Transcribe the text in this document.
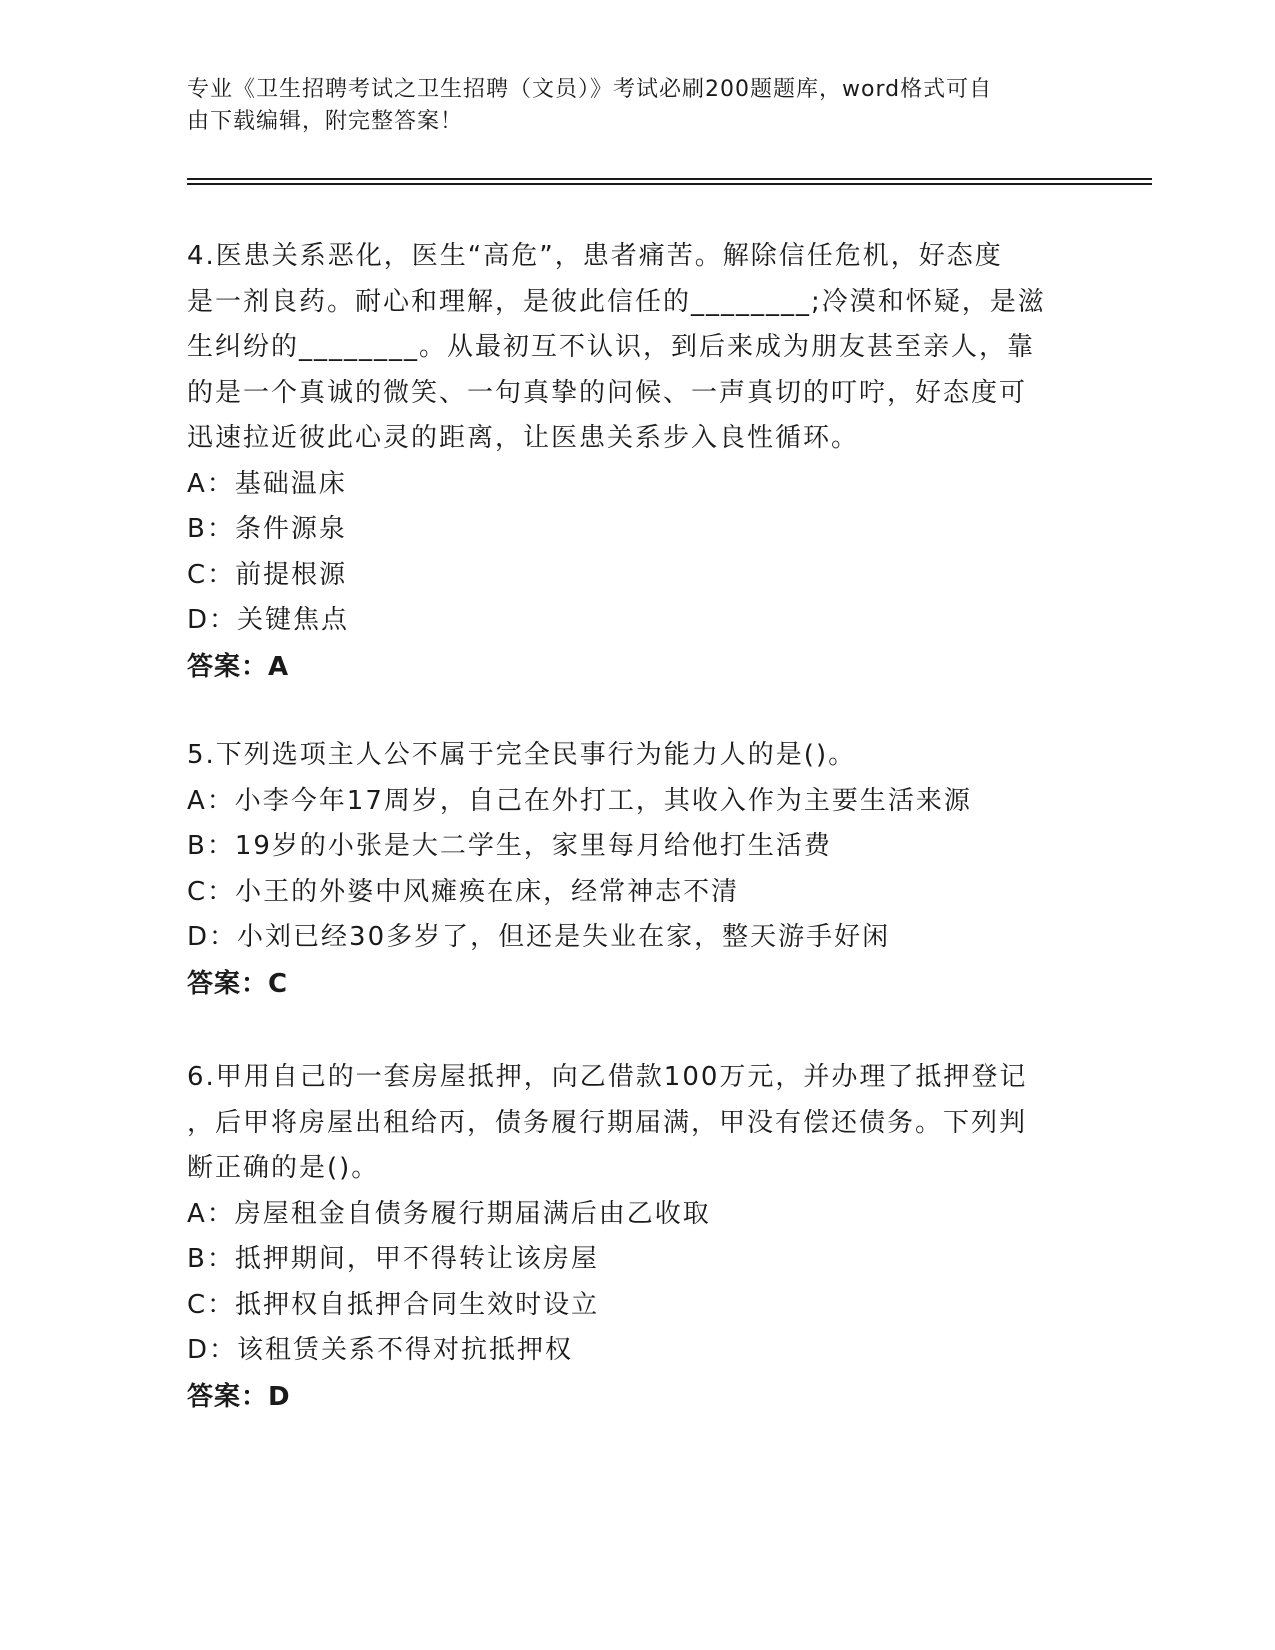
专业《卫生招聘考试之卫生招聘（文员）》考试必刷200题题库，word格式可自
由下载编辑，附完整答案！
4.医患关系恶化，医生“高危”，患者痛苦。解除信任危机，好态度
是一剂良药。耐心和理解，是彼此信任的________;冷漠和怀疑，是滋
生纠纷的________。从最初互不认识，到后来成为朋友甚至亲人，靠
的是一个真诚的微笑、一句真挚的问候、一声真切的叮咛，好态度可
迅速拉近彼此心灵的距离，让医患关系步入良性循环。
A：基础温床
B：条件源泉
C：前提根源
D：关键焦点
答案：A
5.下列选项主人公不属于完全民事行为能力人的是()。
A：小李今年17周岁，自己在外打工，其收入作为主要生活来源
B：19岁的小张是大二学生，家里每月给他打生活费
C：小王的外婆中风瘫痪在床，经常神志不清
D：小刘已经30多岁了，但还是失业在家，整天游手好闲
答案：C
6.甲用自己的一套房屋抵押，向乙借款100万元，并办理了抵押登记
，后甲将房屋出租给丙，债务履行期届满，甲没有偿还债务。下列判
断正确的是()。
A：房屋租金自债务履行期届满后由乙收取
B：抵押期间，甲不得转让该房屋
C：抵押权自抵押合同生效时设立
D：该租赁关系不得对抗抵押权
答案：D
